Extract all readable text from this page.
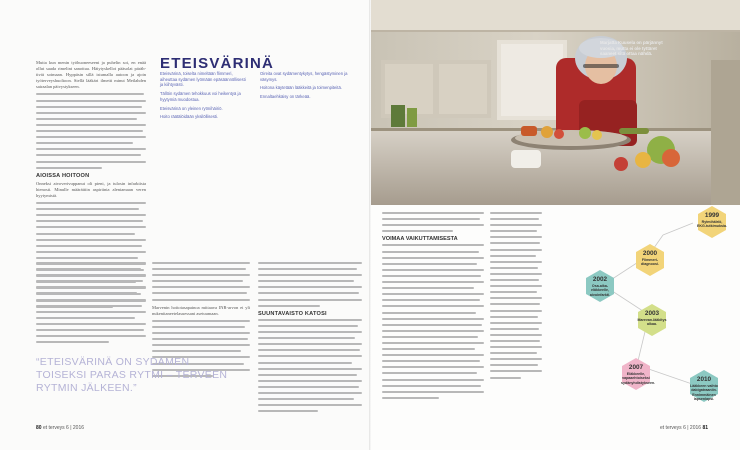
Mutta kun menin työhuoneeseeni ja puhelin soi, en enää ollut saada rimelint sanottua. Häiytyskellot pääsolat päräh-tivät soimaan. Hyppäsin sillä istumalla autoon ja ajoin työterveyshuoltoon. Siellä lääkäri ilmetti minut Meilahden sairaalan päivystykseen.

AIOISSA HOITOON

Onneksi aivoverivuppanut oli pieni, ja tulosin infarktista hienosti. Minulle määrättiin aspiriinia aleniamaan veren hyytymistä.

ETEISVÄRINÄ

Eteisvärinä, toiselta nimeltään flimmeri, aiheuttaa sydämen lyömään epäsäännöllisesti ja kiihtyvästi.

Tällöin sydämen tehokkuus voi heikentyä ja hyytymiä muodostua.

Eteisvärinä on yleinen rytmihäiriö.

Hoito räätälöidään yksilöllisesti.

Oireita ovat sydämentykytys, hengästyminen ja väsymys.

Hoitona käytetään lääkkeitä ja toimenpiteitä.

Ennaltaehkäisy on tärkeää.

Marvenin hoitotasapainoa mittaava INR-arvon ei yli nukenitaneetelasuessani asetuumaan.	SUUNTAVAISTO KATOSI
“ETEISVÄRINÄ ON SYDÄMEN TOISEKSI PARAS RYTMI – TERVEEN RYTMIN JÄLKEEN.”
80 et terveys 6 | 2016
Marjatta Kuusela on pärjännyt vuosia, mutta ei ole tyttäret saaneet sitä ottaa nähdä.
VOIMAA VAIKUTTAMISESTA
1999
Rytmihäiriö, EKG-tutkimuksia.
2000
Flimmeri-diagnoosi.
2002
Osa-aika-eläkkeelle, aivoinfarkti.
2003
Marevan-lääkitys alkaa.
2007
Eläkkeelle, vapaaehtoiseksi sydänyhdistykseen.	2010
Lääkkeen vaihto dabigatraaniin. Ennimmäinen lapsenlapsi.
et terveys 6 | 2016 81
